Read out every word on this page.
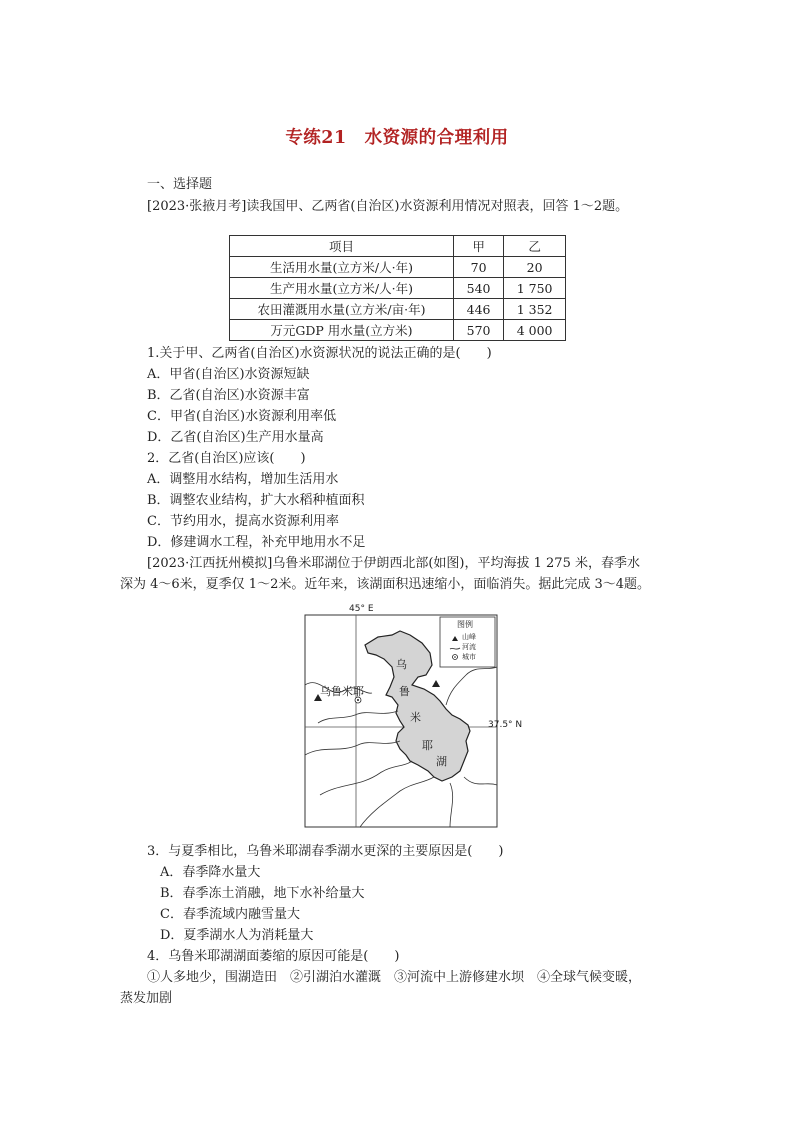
专练21　水资源的合理利用
一、选择题
[2023·张掖月考]读我国甲、乙两省(自治区)水资源利用情况对照表，回答 1～2题。
项目	甲	乙
生活用水量(立方米/人·年)	70	20
生产用水量(立方米/人·年)	540	1 750
农田灌溉用水量(立方米/亩·年)	446	1 352
万元GDP 用水量(立方米)	570	4 000
1.关于甲、乙两省(自治区)水资源状况的说法正确的是(　　)
A．甲省(自治区)水资源短缺
B．乙省(自治区)水资源丰富
C．甲省(自治区)水资源利用率低
D．乙省(自治区)生产用水量高
2．乙省(自治区)应该(　　)
A．调整用水结构，增加生活用水
B．调整农业结构，扩大水稻种植面积
C．节约用水，提高水资源利用率
D．修建调水工程，补充甲地用水不足
[2023·江西抚州模拟]乌鲁米耶湖位于伊朗西北部(如图)，平均海拔 1 275 米，春季水
深为 4～6米，夏季仅 1～2米。近年来，该湖面积迅速缩小，面临消失。据此完成 3～4题。
45° E
37.5° N
图例
山峰
河流
城市
乌鲁米耶
乌
鲁
米
耶
湖
3．与夏季相比，乌鲁米耶湖春季湖水更深的主要原因是(　　)
A．春季降水量大
B．春季冻土消融，地下水补给量大
C．春季流域内融雪量大
D．夏季湖水人为消耗量大
4．乌鲁米耶湖湖面萎缩的原因可能是(　　)
①人多地少，围湖造田　②引湖泊水灌溉　③河流中上游修建水坝　④全球气候变暖，
蒸发加剧
